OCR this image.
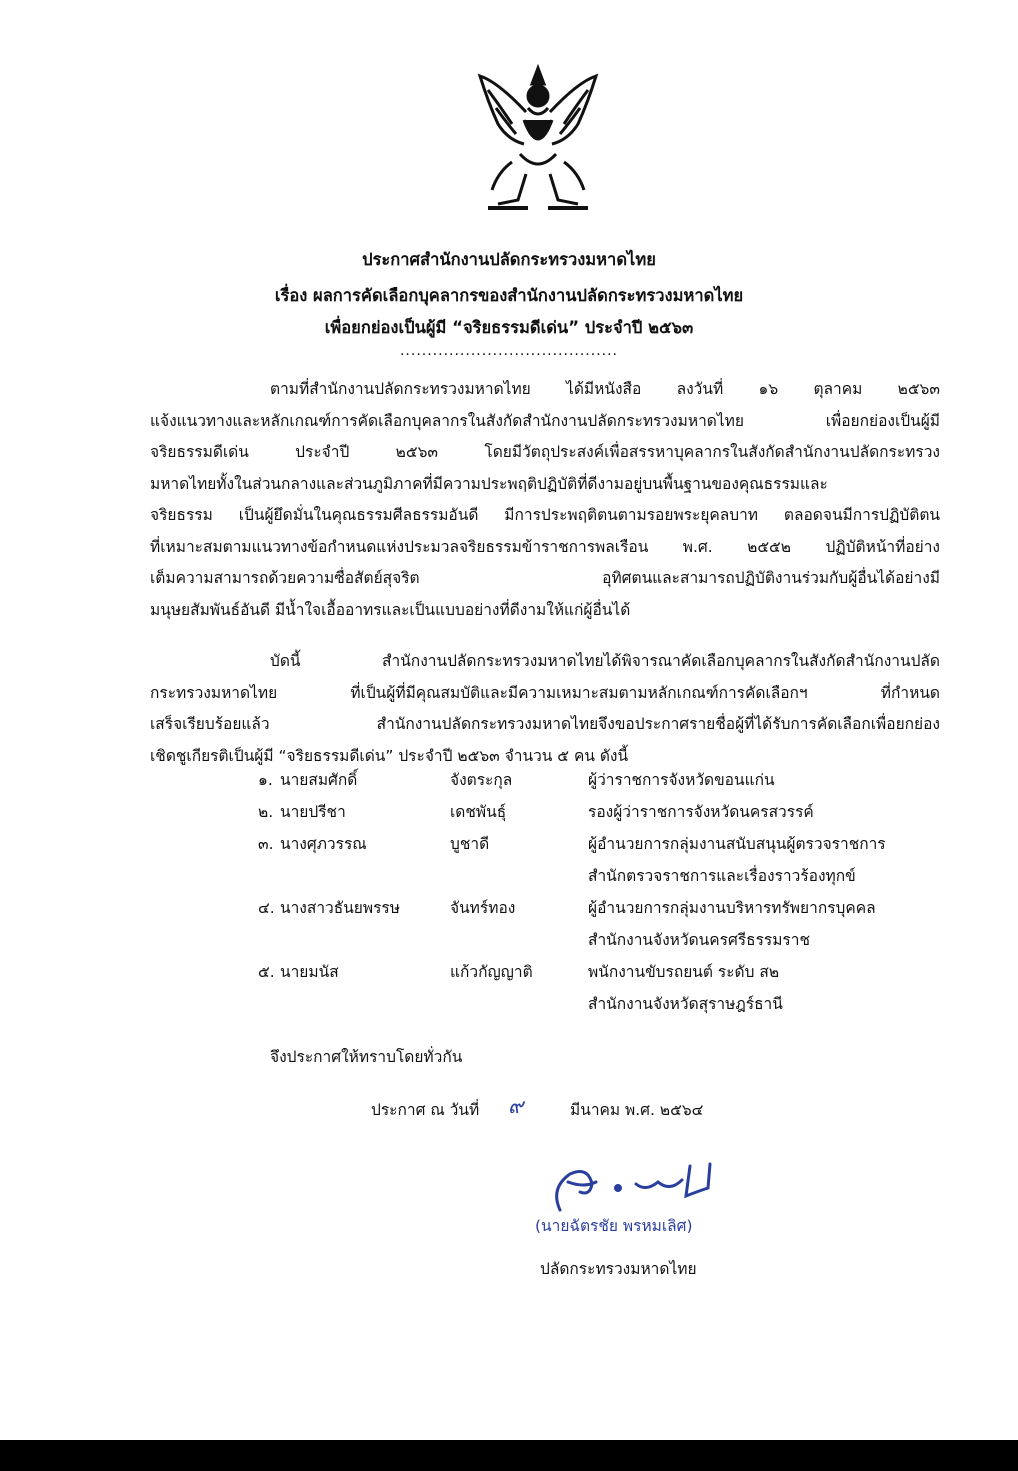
ประกาศสำนักงานปลัดกระทรวงมหาดไทย
เรื่อง ผลการคัดเลือกบุคลากรของสำนักงานปลัดกระทรวงมหาดไทย
เพื่อยกย่องเป็นผู้มี “จริยธรรมดีเด่น” ประจำปี ๒๕๖๓
........................................
ตามที่สำนักงานปลัดกระทรวงมหาดไทย ได้มีหนังสือ ลงวันที่ ๑๖ ตุลาคม ๒๕๖๓
แจ้งแนวทางและหลักเกณฑ์การคัดเลือกบุคลากรในสังกัดสำนักงานปลัดกระทรวงมหาดไทย เพื่อยกย่องเป็นผู้มี
จริยธรรมดีเด่น ประจำปี ๒๕๖๓ โดยมีวัตถุประสงค์เพื่อสรรหาบุคลากรในสังกัดสำนักงานปลัดกระทรวง
มหาดไทยทั้งในส่วนกลางและส่วนภูมิภาคที่มีความประพฤติปฏิบัติที่ดีงามอยู่บนพื้นฐานของคุณธรรมและ
จริยธรรม เป็นผู้ยึดมั่นในคุณธรรมศีลธรรมอันดี มีการประพฤติตนตามรอยพระยุคลบาท ตลอดจนมีการปฏิบัติตน
ที่เหมาะสมตามแนวทางข้อกำหนดแห่งประมวลจริยธรรมข้าราชการพลเรือน พ.ศ. ๒๕๕๒ ปฏิบัติหน้าที่อย่าง
เต็มความสามารถด้วยความซื่อสัตย์สุจริต อุทิศตนและสามารถปฏิบัติงานร่วมกับผู้อื่นได้อย่างมี
มนุษยสัมพันธ์อันดี มีน้ำใจเอื้ออาทรและเป็นแบบอย่างที่ดีงามให้แก่ผู้อื่นได้
บัดนี้ สำนักงานปลัดกระทรวงมหาดไทยได้พิจารณาคัดเลือกบุคลากรในสังกัดสำนักงานปลัด
กระทรวงมหาดไทย ที่เป็นผู้ที่มีคุณสมบัติและมีความเหมาะสมตามหลักเกณฑ์การคัดเลือกฯ ที่กำหนด
เสร็จเรียบร้อยแล้ว สำนักงานปลัดกระทรวงมหาดไทยจึงขอประกาศรายชื่อผู้ที่ได้รับการคัดเลือกเพื่อยกย่อง
เชิดชูเกียรติเป็นผู้มี “จริยธรรมดีเด่น” ประจำปี ๒๕๖๓ จำนวน ๕ คน ดังนี้
๑. นายสมศักดิ์	จังตระกุล	ผู้ว่าราชการจังหวัดขอนแก่น
๒. นายปรีชา	เดชพันธุ์	รองผู้ว่าราชการจังหวัดนครสวรรค์
๓. นางศุภวรรณ	บูชาดี	ผู้อำนวยการกลุ่มงานสนับสนุนผู้ตรวจราชการ
สำนักตรวจราชการและเรื่องราวร้องทุกข์
๔. นางสาวธันยพรรษ	จันทร์ทอง	ผู้อำนวยการกลุ่มงานบริหารทรัพยากรบุคคล
สำนักงานจังหวัดนครศรีธรรมราช
๕. นายมนัส	แก้วกัญญาติ	พนักงานขับรถยนต์ ระดับ ส๒
สำนักงานจังหวัดสุราษฎร์ธานี
จึงประกาศให้ทราบโดยทั่วกัน
ประกาศ ณ วันที่ ๙	มีนาคม พ.ศ. ๒๕๖๔
(นายฉัตรชัย พรหมเลิศ)
ปลัดกระทรวงมหาดไทย
